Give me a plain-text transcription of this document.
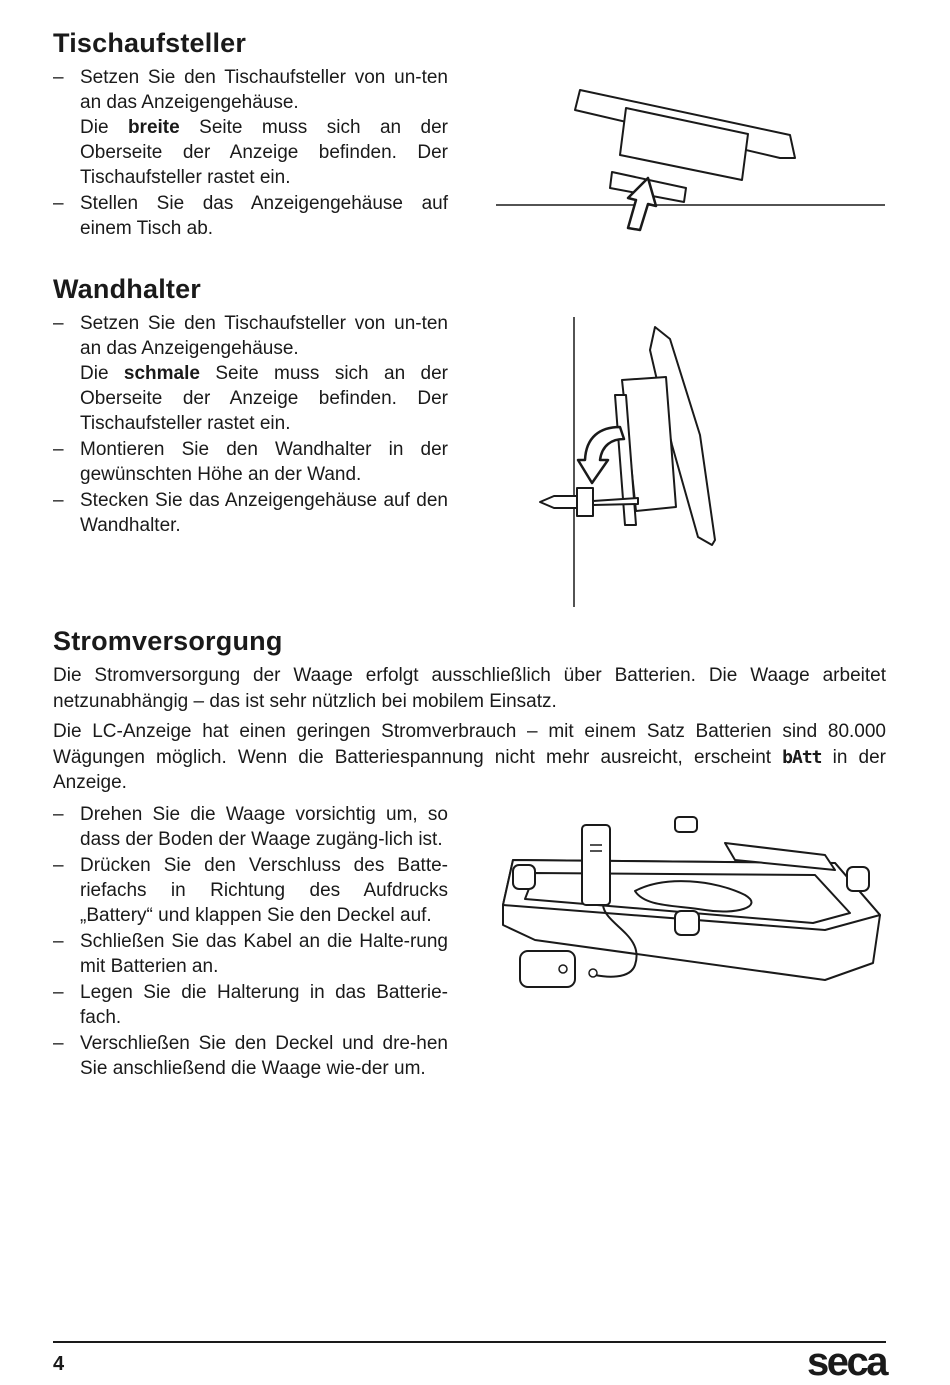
Tischaufsteller
– Setzen Sie den Tischaufsteller von un-ten an das Anzeigengehäuse.
Die breite Seite muss sich an der Oberseite der Anzeige befinden. Der Tischaufsteller rastet ein.
– Stellen Sie das Anzeigengehäuse auf einem Tisch ab.
Wandhalter
– Setzen Sie den Tischaufsteller von un-ten an das Anzeigengehäuse.
Die schmale Seite muss sich an der Oberseite der Anzeige befinden. Der Tischaufsteller rastet ein.
– Montieren Sie den Wandhalter in der gewünschten Höhe an der Wand.
– Stecken Sie das Anzeigengehäuse auf den Wandhalter.
Stromversorgung

Die Stromversorgung der Waage erfolgt ausschließlich über Batterien. Die Waage arbeitet netzunabhängig – das ist sehr nützlich bei mobilem Einsatz.

Die LC-Anzeige hat einen geringen Stromverbrauch – mit einem Satz Batterien sind 80.000 Wägungen möglich. Wenn die Batteriespannung nicht mehr ausreicht, erscheint bAtt in der Anzeige.

– Drehen Sie die Waage vorsichtig um, so dass der Boden der Waage zugäng-lich ist.
– Drücken Sie den Verschluss des Batte-riefachs in Richtung des Aufdrucks „Battery“ und klappen Sie den Deckel auf.
– Schließen Sie das Kabel an die Halte-rung mit Batterien an.
– Legen Sie die Halterung in das Batterie-fach.
– Verschließen Sie den Deckel und dre-hen Sie anschließend die Waage wie-der um.
4	seca
